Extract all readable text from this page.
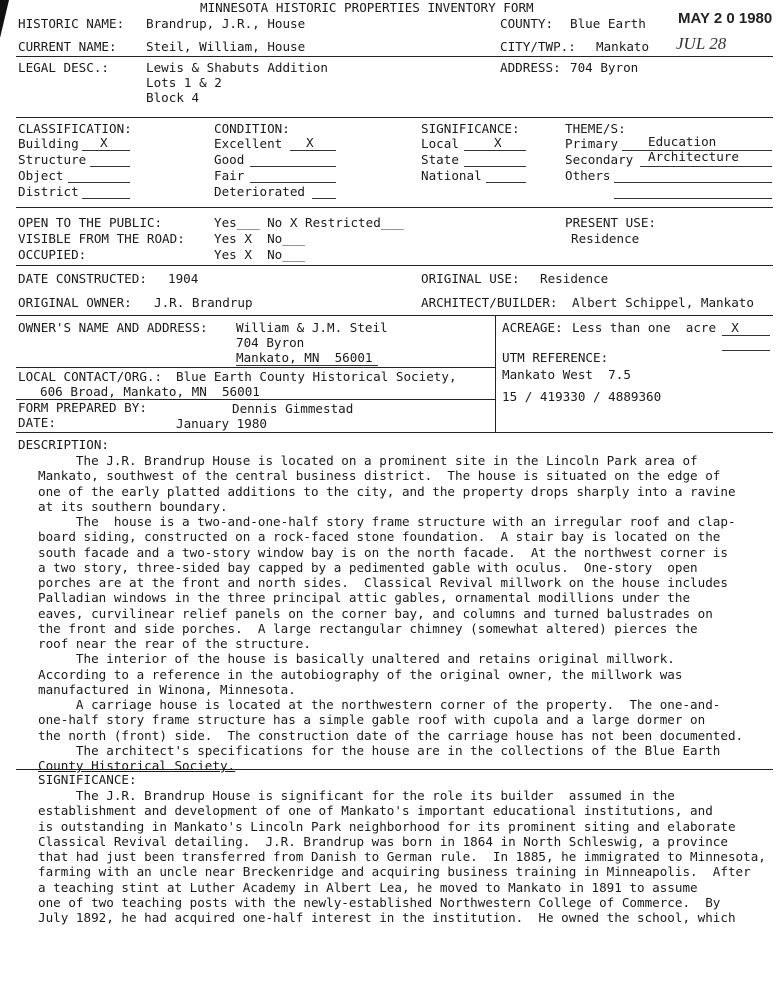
MINNESOTA HISTORIC PROPERTIES INVENTORY FORM
MAY 2 0 1980
JUL 28
HISTORIC NAME: Brandrup, J.R., House	COUNTY: Blue Earth
CURRENT NAME: Steil, William, House	CITY/TWP.: Mankato
LEGAL DESC.:	Lewis & Shabuts Addition
Lots 1 & 2
Block 4
ADDRESS: 704 Byron
CLASSIFICATION:
Building X
Structure
Object
District
CONDITION:
Excellent X
Good
Fair
Deteriorated
SIGNIFICANCE:
Local	X
State
National
THEME/S:
Primary Education
Secondary Architecture
Others
OPEN TO THE PUBLIC:	Yes___ No X Restricted___
VISIBLE FROM THE ROAD: Yes X  No___
OCCUPIED:	Yes X  No___
PRESENT USE:
Residence
DATE CONSTRUCTED: 1904	ORIGINAL USE: Residence
ORIGINAL OWNER: J.R. Brandrup	ARCHITECT/BUILDER: Albert Schippel, Mankato
OWNER'S NAME AND ADDRESS: William & J.M. Steil
704 Byron
Mankato, MN  56001
ACREAGE: Less than one  acre  X
UTM REFERENCE:
Mankato West  7.5
15 / 419330 / 4889360
LOCAL CONTACT/ORG.: Blue Earth County Historical Society,
606 Broad, Mankato, MN  56001
FORM PREPARED BY:	Dennis Gimmestad
DATE:	January 1980
DESCRIPTION:

The J.R. Brandrup House is located on a prominent site in the Lincoln Park area of

Mankato, southwest of the central business district.  The house is situated on the edge of

one of the early platted additions to the city, and the property drops sharply into a ravine

at its southern boundary.

The  house is a two-and-one-half story frame structure with an irregular roof and clap-

board siding, constructed on a rock-faced stone foundation.  A stair bay is located on the

south facade and a two-story window bay is on the north facade.  At the northwest corner is

a two story, three-sided bay capped by a pedimented gable with oculus.  One-story  open

porches are at the front and north sides.  Classical Revival millwork on the house includes

Palladian windows in the three principal attic gables, ornamental modillions under the

eaves, curvilinear relief panels on the corner bay, and columns and turned balustrades on

the front and side porches.  A large rectangular chimney (somewhat altered) pierces the

roof near the rear of the structure.

The interior of the house is basically unaltered and retains original millwork.

According to a reference in the autobiography of the original owner, the millwork was

manufactured in Winona, Minnesota.

A carriage house is located at the northwestern corner of the property.  The one-and-

one-half story frame structure has a simple gable roof with cupola and a large dormer on

the north (front) side.  The construction date of the carriage house has not been documented.

The architect's specifications for the house are in the collections of the Blue Earth

County Historical Society.

SIGNIFICANCE:

The J.R. Brandrup House is significant for the role its builder  assumed in the

establishment and development of one of Mankato's important educational institutions, and

is outstanding in Mankato's Lincoln Park neighborhood for its prominent siting and elaborate

Classical Revival detailing.  J.R. Brandrup was born in 1864 in North Schleswig, a province

that had just been transferred from Danish to German rule.  In 1885, he immigrated to Minnesota,

farming with an uncle near Breckenridge and acquiring business training in Minneapolis.  After

a teaching stint at Luther Academy in Albert Lea, he moved to Mankato in 1891 to assume

one of two teaching posts with the newly-established Northwestern College of Commerce.  By

July 1892, he had acquired one-half interest in the institution.  He owned the school, which
